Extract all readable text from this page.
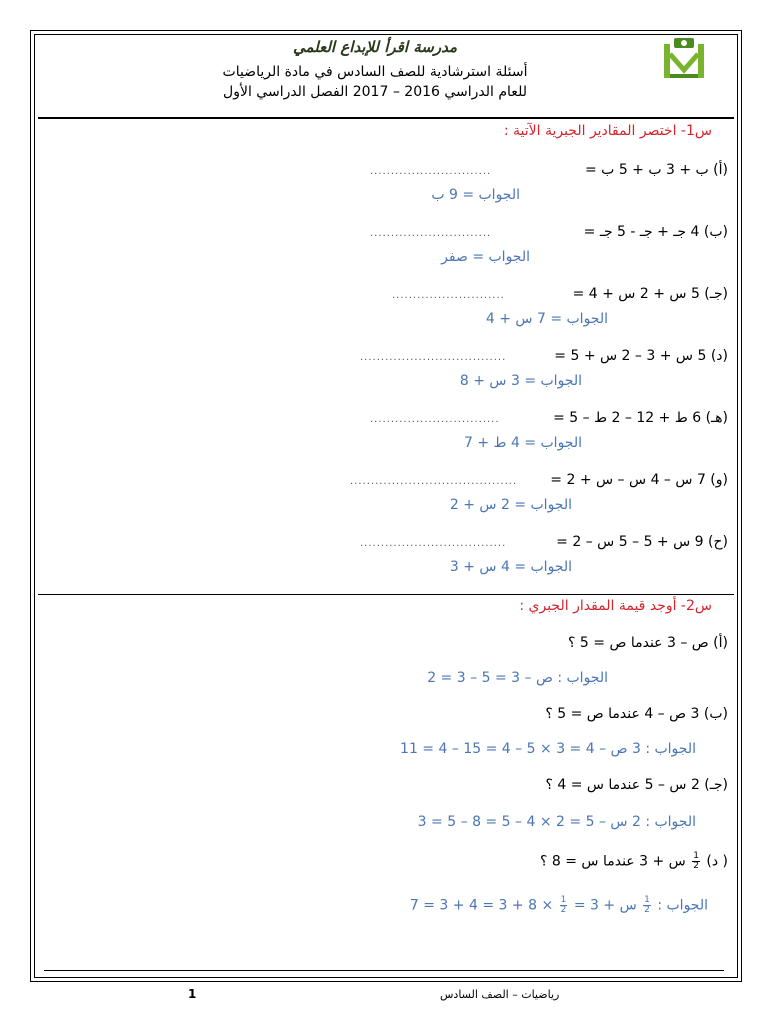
مدرسة اقرأ للإبداع العلمي
أسئلة استرشادية للصف السادس في مادة الرياضيات
للعام الدراسي 2016 – 2017 الفصل الدراسي الأول
س1- اختصر المقادير الجبرية الآتية :
(أ) ب + 3 ب + 5 ب =
.............................
الجواب = 9 ب
(ب) 4 جـ + جـ - 5 جـ =
.............................
الجواب = صفر
(جـ) 5 س + 2 س + 4 =
...........................
الجواب = 7 س + 4
(د) 5 س + 3 – 2 س + 5 =
...................................
الجواب = 3 س + 8
(هـ) 6 ط + 12 – 2 ط – 5 =
...............................
الجواب = 4 ط + 7
(و) 7 س – 4 س – س + 2 =
........................................
الجواب = 2 س + 2
(ح) 9 س + 5 – 5 س – 2 =
...................................
الجواب = 4 س + 3
س2- أوجد قيمة المقدار الجبري :
(أ) ص – 3 عندما ص = 5 ؟
الجواب : ص – 3 = 5 – 3 = 2
(ب) 3 ص – 4 عندما ص = 5 ؟
الجواب : 3 ص – 4 = 3 × 5 – 4 = 15 – 4 = 11
(جـ) 2 س – 5 عندما س = 4 ؟
الجواب : 2 س – 5 = 2 × 4 – 5 = 8 – 5 = 3
( د)
$\frac{1}{2}$
س + 3 عندما س = 8 ؟
الجواب :
$\frac{1}{2}$
س + 3 =
$\frac{1}{2}$
× 8 + 3 = 4 + 3 = 7
رياضيات – الصف السادس
1
